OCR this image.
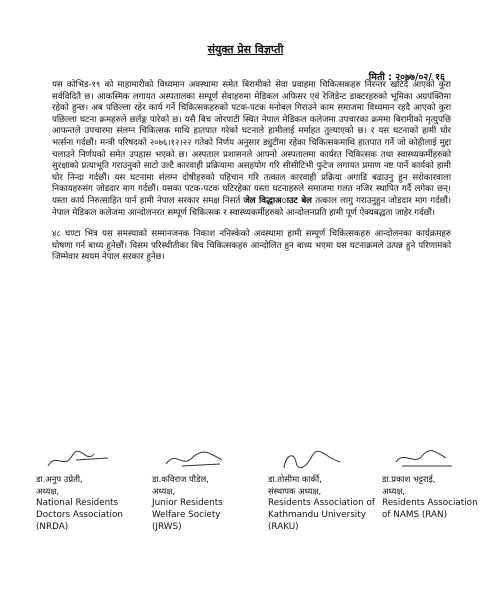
संयुक्त प्रेस विज्ञप्ती
मिती : २०७७/०२/ १६

यस कोभिड-१९ को माहामारीको विध्यमान अवस्थामा समेत बिरामीको सेवा प्रवाहमा चिकित्सकहरु निरन्तर खटिदै आएको कुरा सर्वविदितै छ। आकस्मिक लगायत अस्पतालका सम्पूर्ण सेवाहरुमा मेडिकल अफिसर एवं रेजिडेन्ट डाक्टरहरुको भूमिका अग्रपंक्तिमा रहेको हुन्छ। अब पछिल्ला रहेर कार्य गर्ने चिकित्सकहरुको पटक-पटक मनोबल गिराउने काम समाजमा विध्यमान रहदै आएको कुरा पछिल्ला घटना क्रमहरुले छर्लङ्ग पारेको छ। यसै बिच जोरपाटी स्थित नेपाल मेडिकल कलेजमा उपचारका क्रममा बिरामीको मृत्युपछि आफन्तले उपचारमा संलग्न चिकित्सक माथि हातपात गरेको घटनाले हामीलाई मर्माहत तुल्याएको छ। र यस घटनाको हामी घोर भर्त्सना गर्दछौं। मन्त्री परिषदको २०७६।१२।२२ गतेको निर्णय अनुसार ड्युटीमा रहेका चिकित्सकमाथि हातपात गर्ने जो कोहीलाई मुद्दा चलाउने निर्णयको समेत उपहास भएको छ। अस्पताल प्रशासनले आफ्नो अस्पतालमा कार्यरत चिकित्सक तथा स्वास्थ्यकर्मीहरुको सुरक्षाको प्रत्याभूति गराउनुको साटो उल्टै कारवाही प्रक्रियामा असहयोग गरि सीसीटिभी फुटेज लगायत प्रमाण नष्ट पार्ने कार्यको हामी घोर निन्दा गर्दछौं। यस घटनामा संलग्न दोषीहरुको पहिचान गरि तत्काल कारवाही प्रक्रिया अगाडि बढाउनु हुन सरोकारवाला निकायहरुसंग जोडदार माग गर्दछौं। यसका पटक-पटक घटिरहेका यस्ता घटनाहरुले समाजमा गलत नजिर स्थापित गर्दै लगेका छन्। यस्ता कार्य निरुत्साहित पार्न हामी नेपाल सरकार समक्ष निसर्त जेल विद्धाअाउट बेल तत्काल लागु गराउनुहुन जोडदार माग गर्दछौं। नेपाल मेडिकल कलेजमा आन्दोलनरत सम्पूर्ण चिकित्सक र स्वास्थ्यकर्मीहरुको आन्दोलनप्रति हामी पूर्ण ऐक्यबद्धता जाहेर गर्दछौं।

४८ घण्टा भित्र यस समस्याको सम्मानजनक निकाश ननिस्केको अवस्थामा हामी सम्पूर्ण चिकित्सकहरु आन्दोलनका कार्यक्रमहरु घोषणा गर्न बाध्य हुनेछौं। विसम परिस्थीतीका बिच चिकित्सकहरु आन्दोलित हुन बाध्य भएमा यस घटनाक्रमले उत्पन्न हुने परिणामको जिम्मेवार स्वयम नेपाल सरकार हुनेछ।

डा.अनुप उप्रेती,
अध्यक्ष,
National Residents
Doctors Association
(NRDA)
डा.कविराज पौडेल,
अध्यक्ष,
Junior Residents
Welfare Society
(JRWS)
डा.तोसीमा कार्की,
संस्थापक अध्यक्ष,
Residents Association of
Kathmandu University
(RAKU)
डा.प्रकाश भट्टराई,
अध्यक्ष,
Residents Association
of NAMS (RAN)
